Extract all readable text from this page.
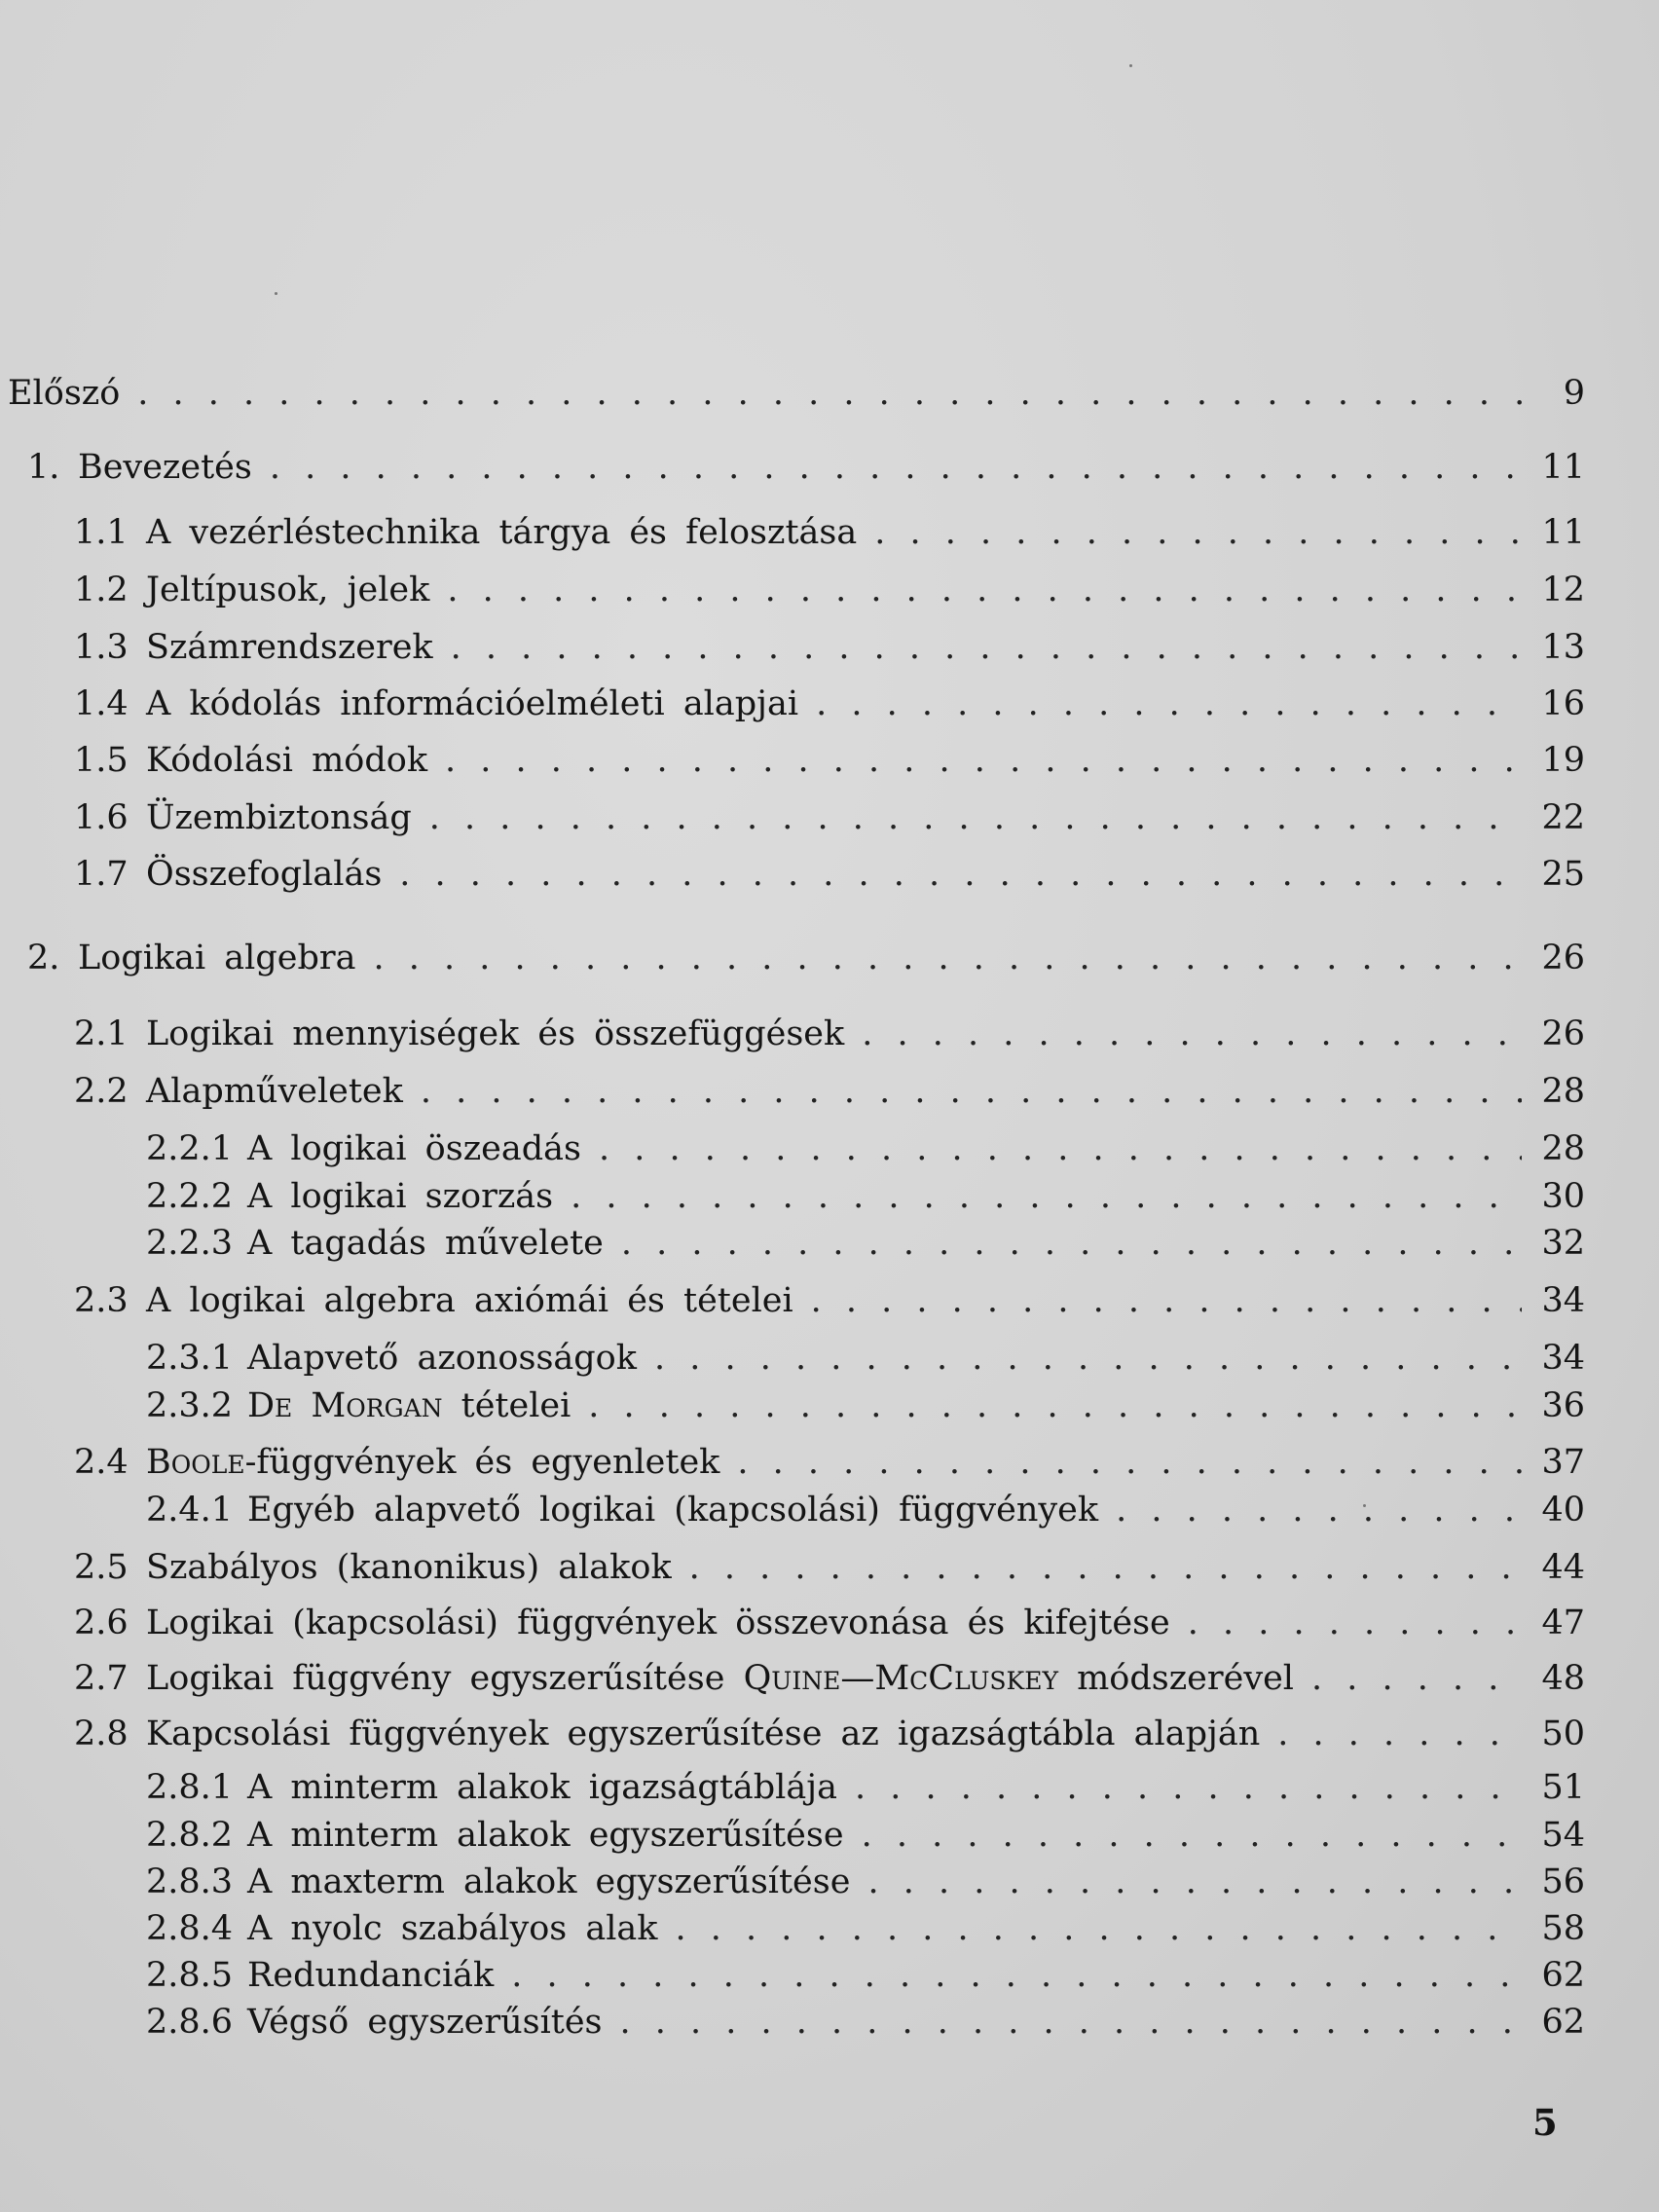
Előszó . . .	9
1. Bevezetés . . .	11
1.1 A vezérléstechnika tárgya és felosztása . . .	11
1.2 Jeltípusok, jelek . . .	12
1.3 Számrendszerek . . .	13
1.4 A kódolás információelméleti alapjai . . .	16
1.5 Kódolási módok . . .	19
1.6 Üzembiztonság . . .	22
1.7 Összefoglalás . . .	25
2. Logikai algebra . . .	26
2.1 Logikai mennyiségek és összefüggések . . .	26
2.2 Alapműveletek . . .	28
2.2.1 A logikai öszeadás . . .	28
2.2.2 A logikai szorzás . . .	30
2.2.3 A tagadás művelete . . .	32
2.3 A logikai algebra axiómái és tételei . . .	34
2.3.1 Alapvető azonosságok . . .	34
2.3.2 De Morgan tételei . . .	36
2.4 Boole-függvények és egyenletek . . .	37
2.4.1 Egyéb alapvető logikai (kapcsolási) függvények . . .	40
2.5 Szabályos (kanonikus) alakok . . .	44
2.6 Logikai (kapcsolási) függvények összevonása és kifejtése . . .	47
2.7 Logikai függvény egyszerűsítése Quine—McCluskey módszerével . . .	48
2.8 Kapcsolási függvények egyszerűsítése az igazságtábla alapján . . .	50
2.8.1 A minterm alakok igazságtáblája . . .	51
2.8.2 A minterm alakok egyszerűsítése . . .	54
2.8.3 A maxterm alakok egyszerűsítése . . .	56
2.8.4 A nyolc szabályos alak . . .	58
2.8.5 Redundanciák . . .	62
2.8.6 Végső egyszerűsítés . . .	62
5
